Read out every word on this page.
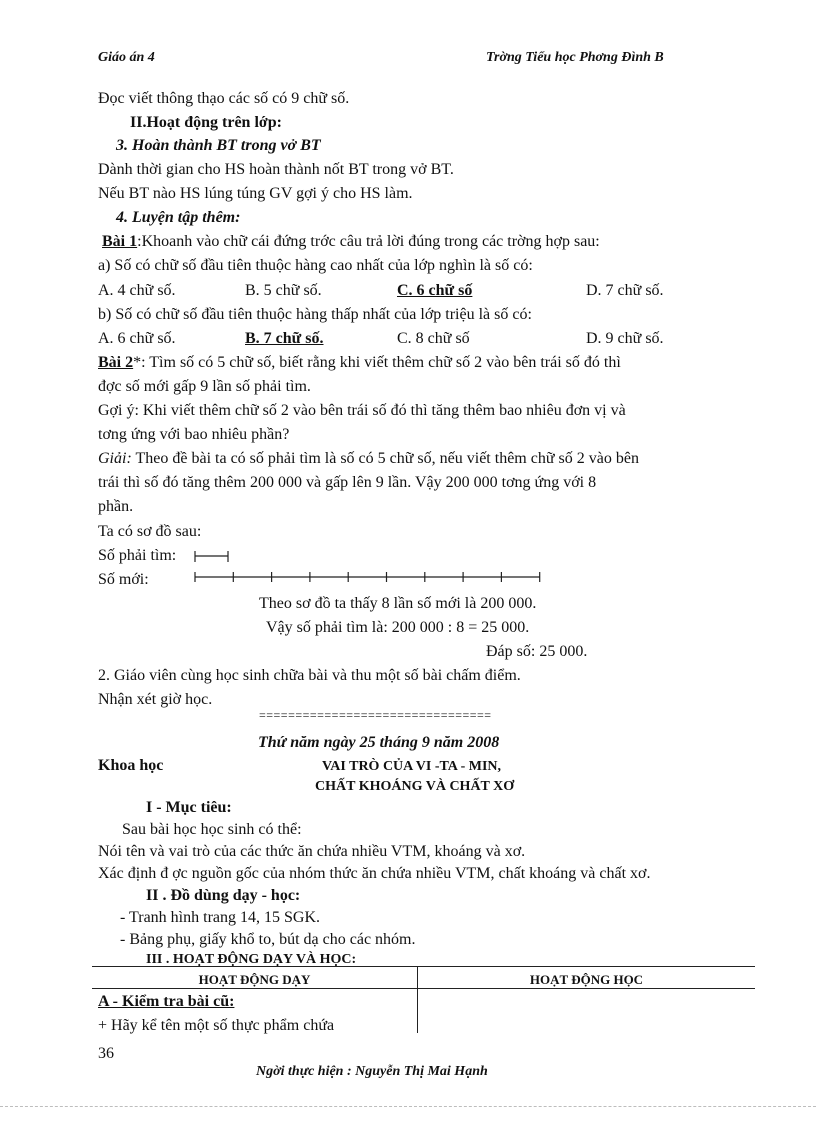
Giáo án 4	Trờng Tiểu học Phơng Đình B
Đọc viết thông thạo các số có 9 chữ số.
II.Hoạt động trên lớp:
3. Hoàn thành BT trong vở BT
Dành thời gian cho HS hoàn thành nốt BT trong vở BT.
Nếu BT nào HS lúng túng GV gợi ý cho HS làm.
4. Luyện tập thêm:
Bài 1:Khoanh vào chữ cái đứng trớc câu trả lời đúng trong các trờng hợp sau:
a) Số có chữ số đầu tiên thuộc hàng cao nhất của lớp nghìn là số có:
A. 4 chữ số.	B. 5 chữ số.	C. 6 chữ số	D. 7 chữ số.
b) Số có chữ số đầu tiên thuộc hàng thấp nhất của lớp triệu là số có:
A. 6 chữ số.	B. 7 chữ số.	C. 8 chữ số	D. 9 chữ số.
Bài 2*: Tìm số có 5 chữ số, biết rằng khi viết thêm chữ số 2 vào bên trái số đó thì
đợc số mới gấp 9 lần số phải tìm.
Gợi ý: Khi viết thêm chữ số 2 vào bên trái số đó thì tăng thêm bao nhiêu đơn vị và
tơng ứng với bao nhiêu phần?
Giải: Theo đề bài ta có số phải tìm là số có 5 chữ số, nếu viết thêm chữ số 2 vào bên
trái thì số đó tăng thêm 200 000 và gấp lên 9 lần. Vậy 200 000 tơng ứng với 8
phần.
Ta có sơ đồ sau:
Số phải tìm:
Số mới:
Theo sơ đồ ta thấy 8 lần số mới là 200 000.
Vậy số phải tìm là: 200 000 : 8 = 25 000.
Đáp số: 25 000.
2. Giáo viên cùng học sinh chữa bài và thu một số bài chấm điểm.
Nhận xét giờ học.
================================
Thứ năm ngày 25 tháng 9 năm 2008
Khoa học	VAI TRÒ CỦA VI -TA - MIN,
CHẤT KHOÁNG VÀ CHẤT XƠ
I - Mục tiêu:
Sau bài học học sinh có thể:
Nói tên và vai trò của các thức ăn chứa nhiều VTM, khoáng và xơ.
Xác định đ ợc nguồn gốc của nhóm thức ăn chứa nhiều VTM, chất khoáng và chất xơ.
II . Đồ dùng dạy - học:
- Tranh hình trang 14, 15 SGK.
- Bảng phụ, giấy khổ to, bút dạ cho các nhóm.
III . HOẠT ĐỘNG DẠY VÀ HỌC:
HOẠT ĐỘNG DẠY	HOẠT ĐỘNG HỌC
A - Kiểm tra bài cũ:
+ Hãy kể tên một số thực phẩm chứa
36
Ngời thực hiện : Nguyễn Thị Mai Hạnh
